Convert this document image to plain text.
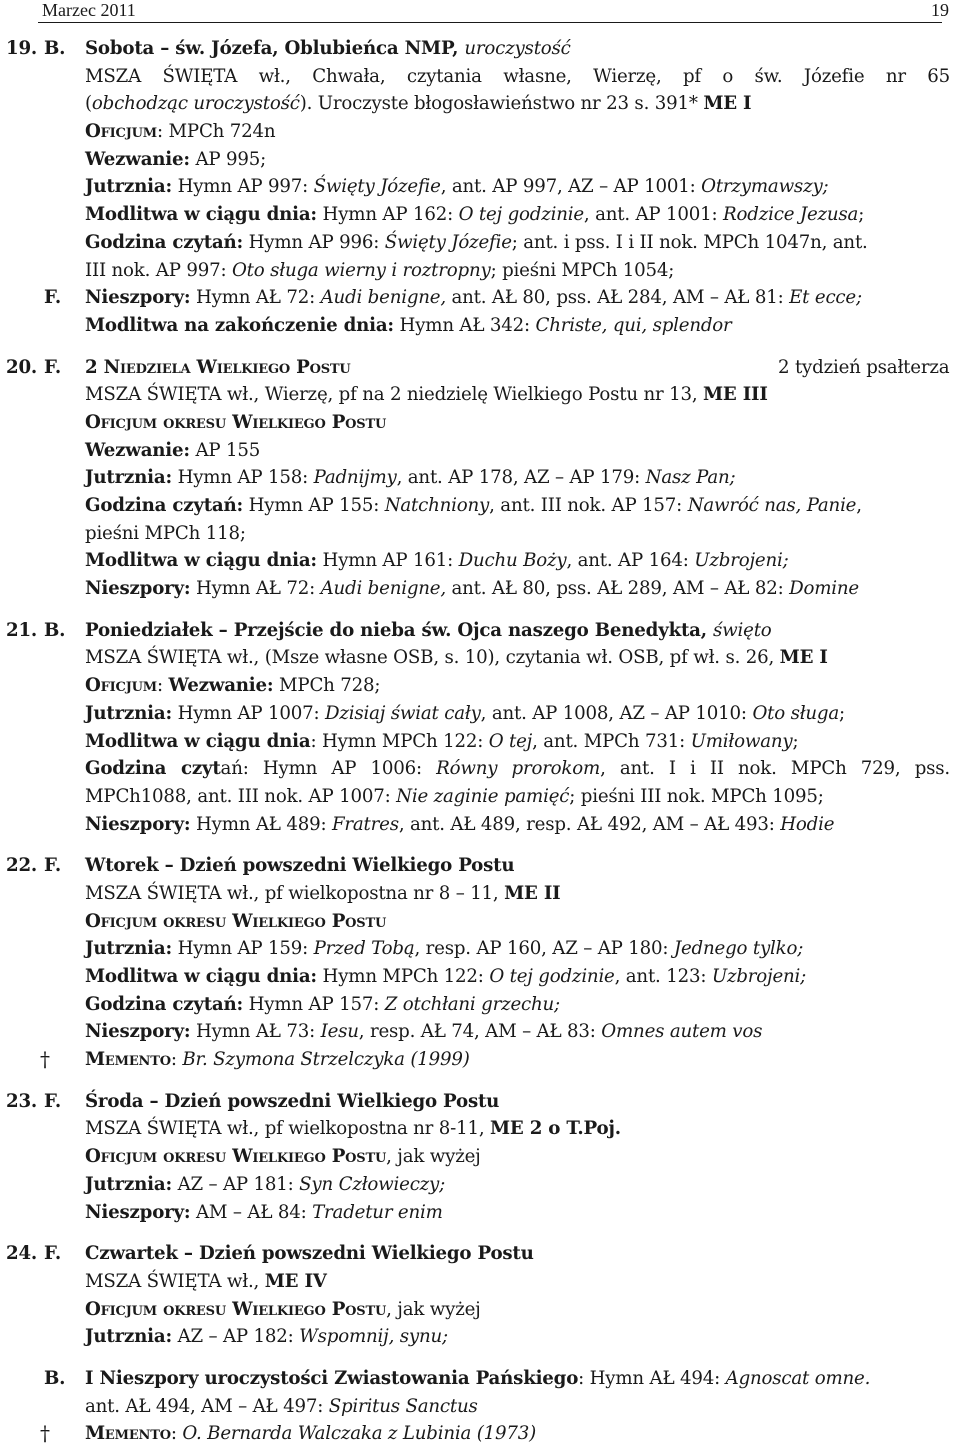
Marzec 2011	19
19. B. Sobota – św. Józefa, Oblubieńca NMP, uroczystość
MSZA ŚWIĘTA wł., Chwała, czytania własne, Wierzę, pf o św. Józefie nr 65
(obchodząc uroczystość). Uroczyste błogosławieństwo nr 23 s. 391* ME I
Oficjum: MPCh 724n
Wezwanie: AP 995;
Jutrznia: Hymn AP 997: Święty Józefie, ant. AP 997, AZ – AP 1001: Otrzymawszy;
Modlitwa w ciągu dnia: Hymn AP 162: O tej godzinie, ant. AP 1001: Rodzice Jezusa;
Godzina czytań: Hymn AP 996: Święty Józefie; ant. i pss. I i II nok. MPCh 1047n, ant.
III nok. AP 997: Oto sługa wierny i roztropny; pieśni MPCh 1054;
F. Nieszpory: Hymn AŁ 72: Audi benigne, ant. AŁ 80, pss. AŁ 284, AM – AŁ 81: Et ecce;
Modlitwa na zakończenie dnia: Hymn AŁ 342: Christe, qui, splendor
20. F.	2 tydzień psałterza
2 Niedziela Wielkiego Postu
MSZA ŚWIĘTA wł., Wierzę, pf na 2 niedzielę Wielkiego Postu nr 13, ME III
Oficjum okresu Wielkiego Postu
Wezwanie: AP 155
Jutrznia: Hymn AP 158: Padnijmy, ant. AP 178, AZ – AP 179: Nasz Pan;
Godzina czytań: Hymn AP 155: Natchniony, ant. III nok. AP 157: Nawróć nas, Panie,
pieśni MPCh 118;
Modlitwa w ciągu dnia: Hymn AP 161: Duchu Boży, ant. AP 164: Uzbrojeni;
Nieszpory: Hymn AŁ 72: Audi benigne, ant. AŁ 80, pss. AŁ 289, AM – AŁ 82: Domine
21. B. Poniedziałek – Przejście do nieba św. Ojca naszego Benedykta, święto
MSZA ŚWIĘTA wł., (Msze własne OSB, s. 10), czytania wł. OSB, pf wł. s. 26, ME I
Oficjum: Wezwanie: MPCh 728;
Jutrznia: Hymn AP 1007: Dzisiaj świat cały, ant. AP 1008, AZ – AP 1010: Oto sługa;
Modlitwa w ciągu dnia: Hymn MPCh 122: O tej, ant. MPCh 731: Umiłowany;
Godzina czytań: Hymn AP 1006: Równy prorokom, ant. I i II nok. MPCh 729, pss.
MPCh1088, ant. III nok. AP 1007: Nie zaginie pamięć; pieśni III nok. MPCh 1095;
Nieszpory: Hymn AŁ 489: Fratres, ant. AŁ 489, resp. AŁ 492, AM – AŁ 493: Hodie
22. F. Wtorek – Dzień powszedni Wielkiego Postu
MSZA ŚWIĘTA wł., pf wielkopostna nr 8 – 11, ME II
Oficjum okresu Wielkiego Postu
Jutrznia: Hymn AP 159: Przed Tobą, resp. AP 160, AZ – AP 180: Jednego tylko;
Modlitwa w ciągu dnia: Hymn MPCh 122: O tej godzinie, ant. 123: Uzbrojeni;
Godzina czytań: Hymn AP 157: Z otchłani grzechu;
Nieszpory: Hymn AŁ 73: Iesu, resp. AŁ 74, AM – AŁ 83: Omnes autem vos
† Memento: Br. Szymona Strzelczyka (1999)
23. F. Środa – Dzień powszedni Wielkiego Postu
MSZA ŚWIĘTA wł., pf wielkopostna nr 8-11, ME 2 o T.Poj.
Oficjum okresu Wielkiego Postu, jak wyżej
Jutrznia: AZ – AP 181: Syn Człowieczy;
Nieszpory: AM – AŁ 84: Tradetur enim
24. F. Czwartek – Dzień powszedni Wielkiego Postu
MSZA ŚWIĘTA wł., ME IV
Oficjum okresu Wielkiego Postu, jak wyżej
Jutrznia: AZ – AP 182: Wspomnij, synu;
B. I Nieszpory uroczystości Zwiastowania Pańskiego: Hymn AŁ 494: Agnoscat omne.
ant. AŁ 494, AM – AŁ 497: Spiritus Sanctus
† Memento: O. Bernarda Walczaka z Lubinia (1973)
